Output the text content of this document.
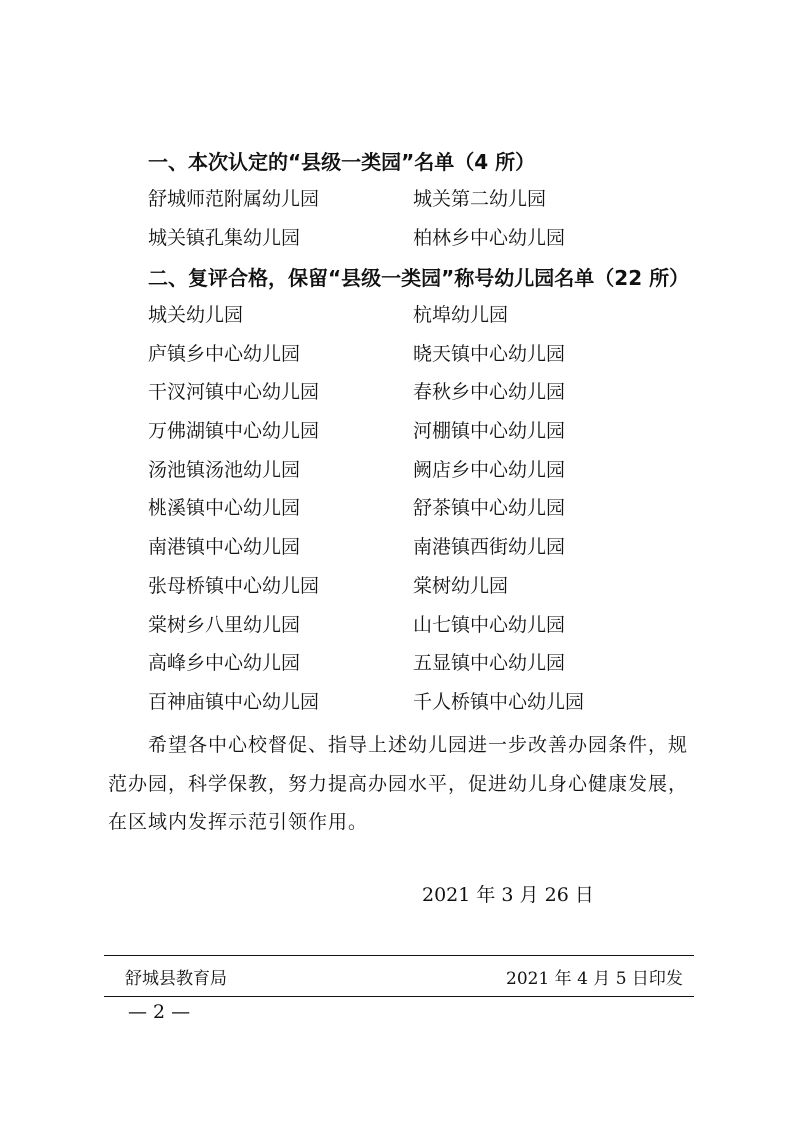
一、本次认定的“县级一类园”名单（4 所）
舒城师范附属幼儿园	城关第二幼儿园
城关镇孔集幼儿园	柏林乡中心幼儿园
二、复评合格，保留“县级一类园”称号幼儿园名单（22 所）
城关幼儿园	杭埠幼儿园
庐镇乡中心幼儿园	晓天镇中心幼儿园
干汊河镇中心幼儿园	春秋乡中心幼儿园
万佛湖镇中心幼儿园	河棚镇中心幼儿园
汤池镇汤池幼儿园	阙店乡中心幼儿园
桃溪镇中心幼儿园	舒茶镇中心幼儿园
南港镇中心幼儿园	南港镇西街幼儿园
张母桥镇中心幼儿园	棠树幼儿园
棠树乡八里幼儿园	山七镇中心幼儿园
高峰乡中心幼儿园	五显镇中心幼儿园
百神庙镇中心幼儿园	千人桥镇中心幼儿园

希望各中心校督促、指导上述幼儿园进一步改善办园条件，规范办园，科学保教，努力提高办园水平，促进幼儿身心健康发展，在区域内发挥示范引领作用。

2021 年 3 月 26 日
舒城县教育局	2021 年 4 月 5 日印发
— 2 —
